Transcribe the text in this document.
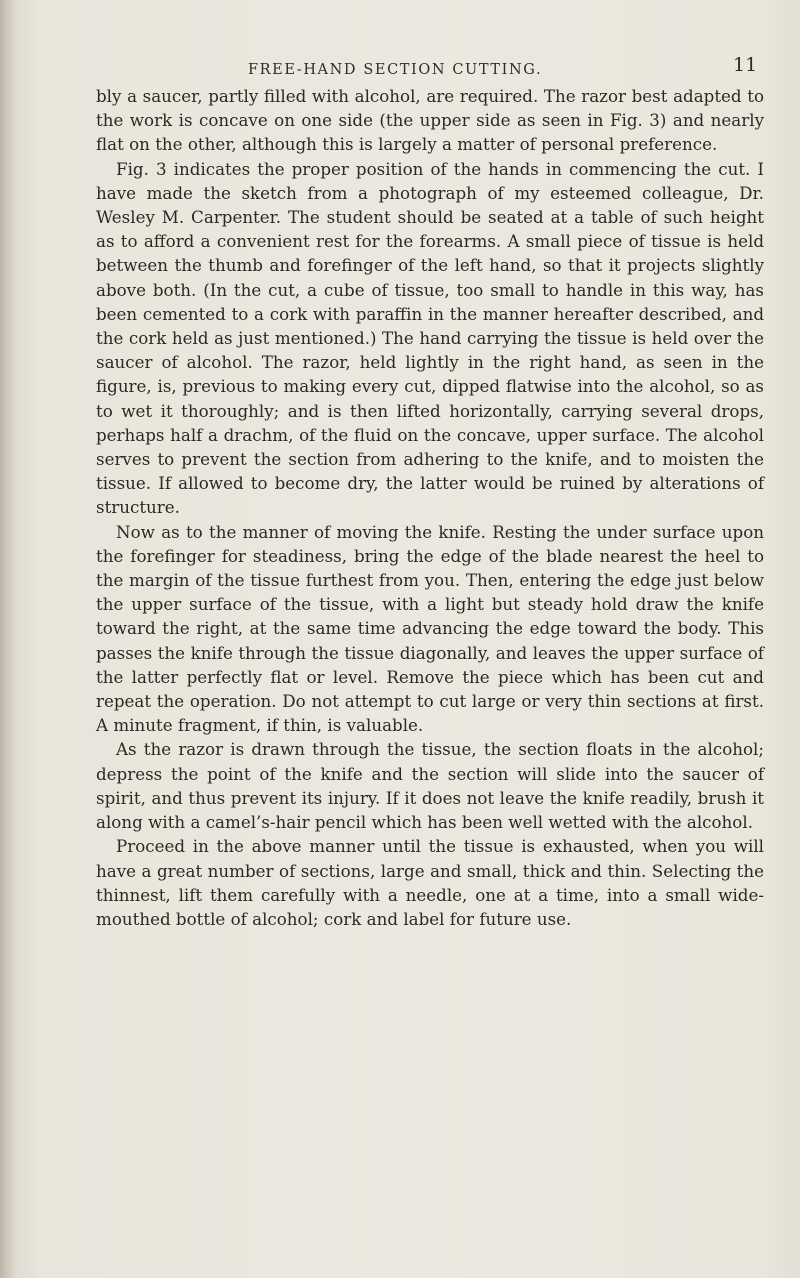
FREE-HAND SECTION CUTTING.	11

bly a saucer, partly filled with alcohol, are required. The razor best adapted to the work is concave on one side (the upper side as seen in Fig. 3) and nearly flat on the other, although this is largely a matter of personal preference.

Fig. 3 indicates the proper position of the hands in commencing the cut. I have made the sketch from a photograph of my esteemed colleague, Dr. Wesley M. Carpenter. The student should be seated at a table of such height as to afford a convenient rest for the forearms. A small piece of tissue is held between the thumb and forefinger of the left hand, so that it projects slightly above both. (In the cut, a cube of tissue, too small to handle in this way, has been cemented to a cork with paraffin in the manner hereafter described, and the cork held as just mentioned.) The hand carrying the tissue is held over the saucer of alcohol. The razor, held lightly in the right hand, as seen in the figure, is, previous to making every cut, dipped flatwise into the alcohol, so as to wet it thoroughly; and is then lifted horizontally, carrying several drops, perhaps half a drachm, of the fluid on the concave, upper surface. The alcohol serves to prevent the section from adhering to the knife, and to moisten the tissue. If allowed to become dry, the latter would be ruined by alterations of structure.

Now as to the manner of moving the knife. Resting the under surface upon the forefinger for steadiness, bring the edge of the blade nearest the heel to the margin of the tissue furthest from you. Then, entering the edge just below the upper surface of the tissue, with a light but steady hold draw the knife toward the right, at the same time advancing the edge toward the body. This passes the knife through the tissue diagonally, and leaves the upper surface of the latter perfectly flat or level. Remove the piece which has been cut and repeat the operation. Do not attempt to cut large or very thin sections at first. A minute fragment, if thin, is valuable.

As the razor is drawn through the tissue, the section floats in the alcohol; depress the point of the knife and the section will slide into the saucer of spirit, and thus prevent its injury. If it does not leave the knife readily, brush it along with a camel’s-hair pencil which has been well wetted with the alcohol.

Proceed in the above manner until the tissue is exhausted, when you will have a great number of sections, large and small, thick and thin. Selecting the thinnest, lift them carefully with a needle, one at a time, into a small wide-mouthed bottle of alcohol; cork and label for future use.
